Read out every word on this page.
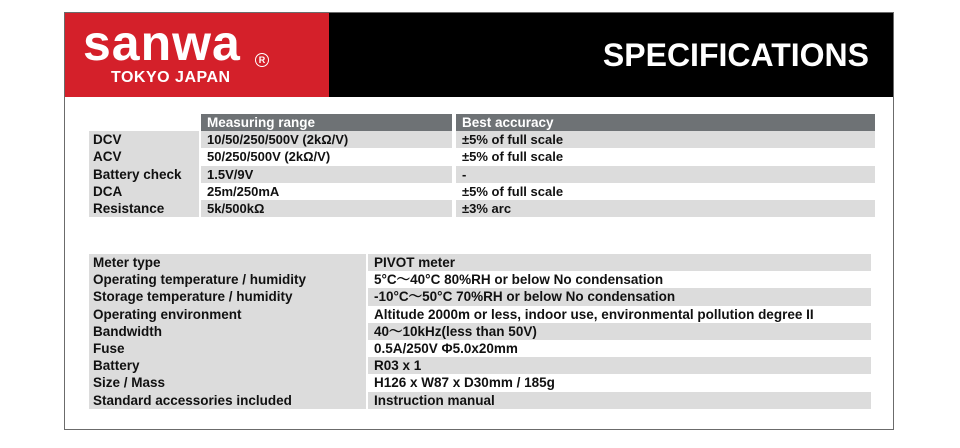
sanwa	R
TOKYO JAPAN
SPECIFICATIONS
Measuring range	Best accuracy
DCV	10/50/250/500V (2kΩ/V)	±5% of full scale
ACV	50/250/500V (2kΩ/V)	±5% of full scale
Battery check	1.5V/9V	-
DCA	25m/250mA	±5% of full scale
Resistance	5k/500kΩ	±3% arc
Meter type	PIVOT meter
Operating temperature / humidity	5°C～40°C 80%RH or below No condensation
Storage temperature / humidity	-10°C～50°C 70%RH or below No condensation
Operating environment	Altitude 2000m or less, indoor use, environmental pollution degree II
Bandwidth	40～10kHz(less than 50V)
Fuse	0.5A/250V Φ5.0x20mm
Battery	R03 x 1
Size / Mass	H126 x W87 x D30mm / 185g
Standard accessories included	Instruction manual
